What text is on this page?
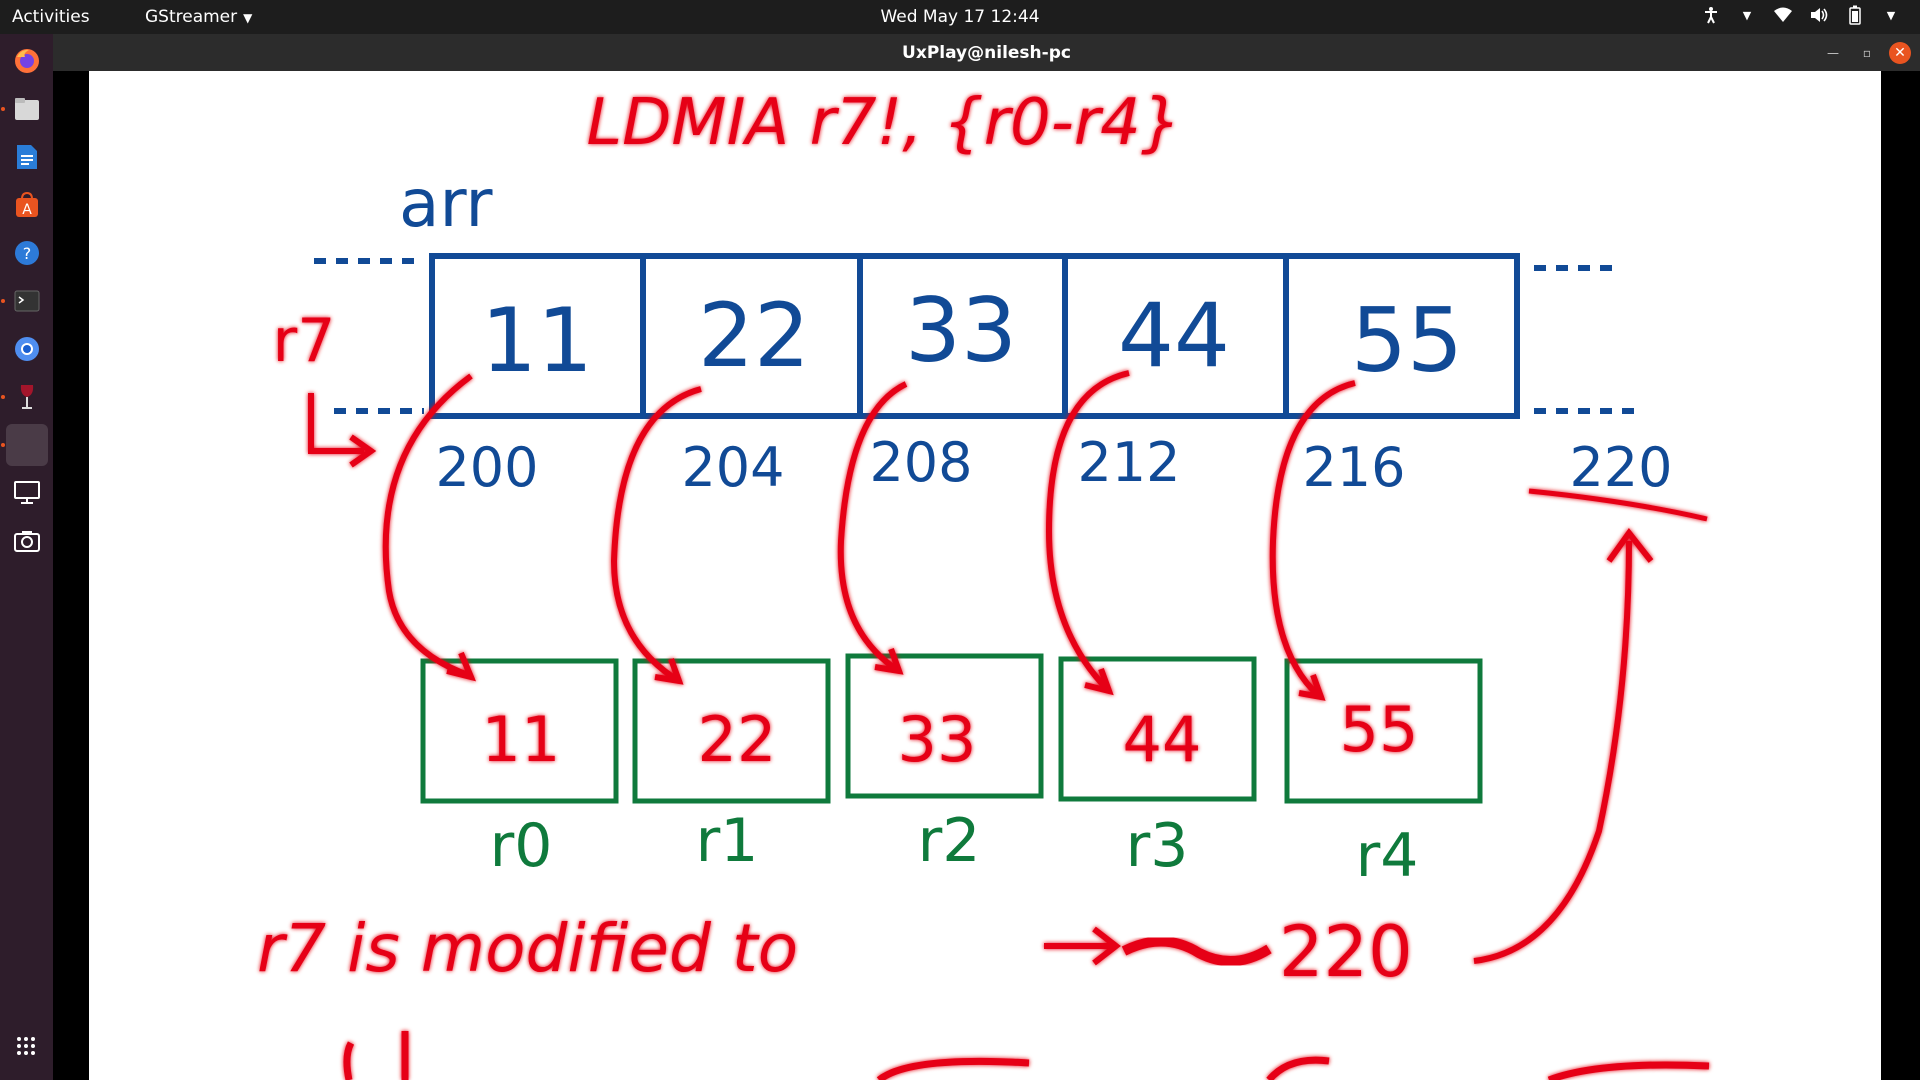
Activities	GStreamer ▼	Wed May 17 12:44	▼	▼
A
?
UxPlay@nilesh-pc	—	▫	✕
LDMIA r7!, {r0-r4}
arr
11 22 33 44 55
200	204 208 212 216	220
r7
11 22 33 44 55
r0 r1	r2 r3	r4
r7 is modified to	220
